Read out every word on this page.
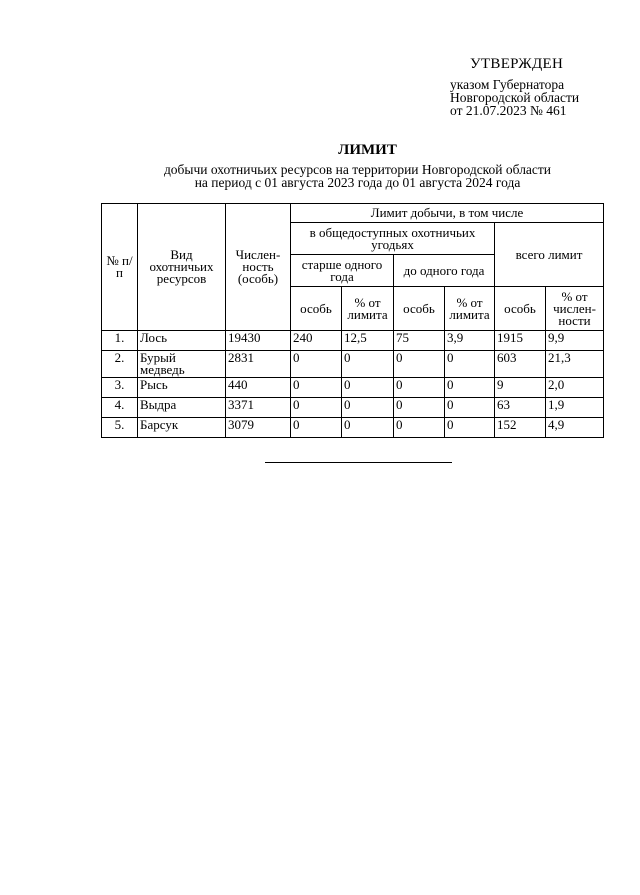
УТВЕРЖДЕН
указом Губернатора
Новгородской области
от 21.07.2023 № 461
ЛИМИТ
добычи охотничьих ресурсов на территории Новгородской области
на период с 01 августа 2023 года до 01 августа 2024 года
№ п/п	Вид охотничьих ресурсов	Числен-ность (особь)	Лимит добычи, в том числе					
			в общедоступных охотничьих угодьях				всего лимит	
			старше одного года		до одного года			
			особь	% от лимита	особь	% от лимита	особь	% от числен-ности
1.	Лось	19430	240	12,5	75	3,9	1915	9,9
2.	Бурый медведь	2831	0	0	0	0	603	21,3
3.	Рысь	440	0	0	0	0	9	2,0
4.	Выдра	3371	0	0	0	0	63	1,9
5.	Барсук	3079	0	0	0	0	152	4,9
